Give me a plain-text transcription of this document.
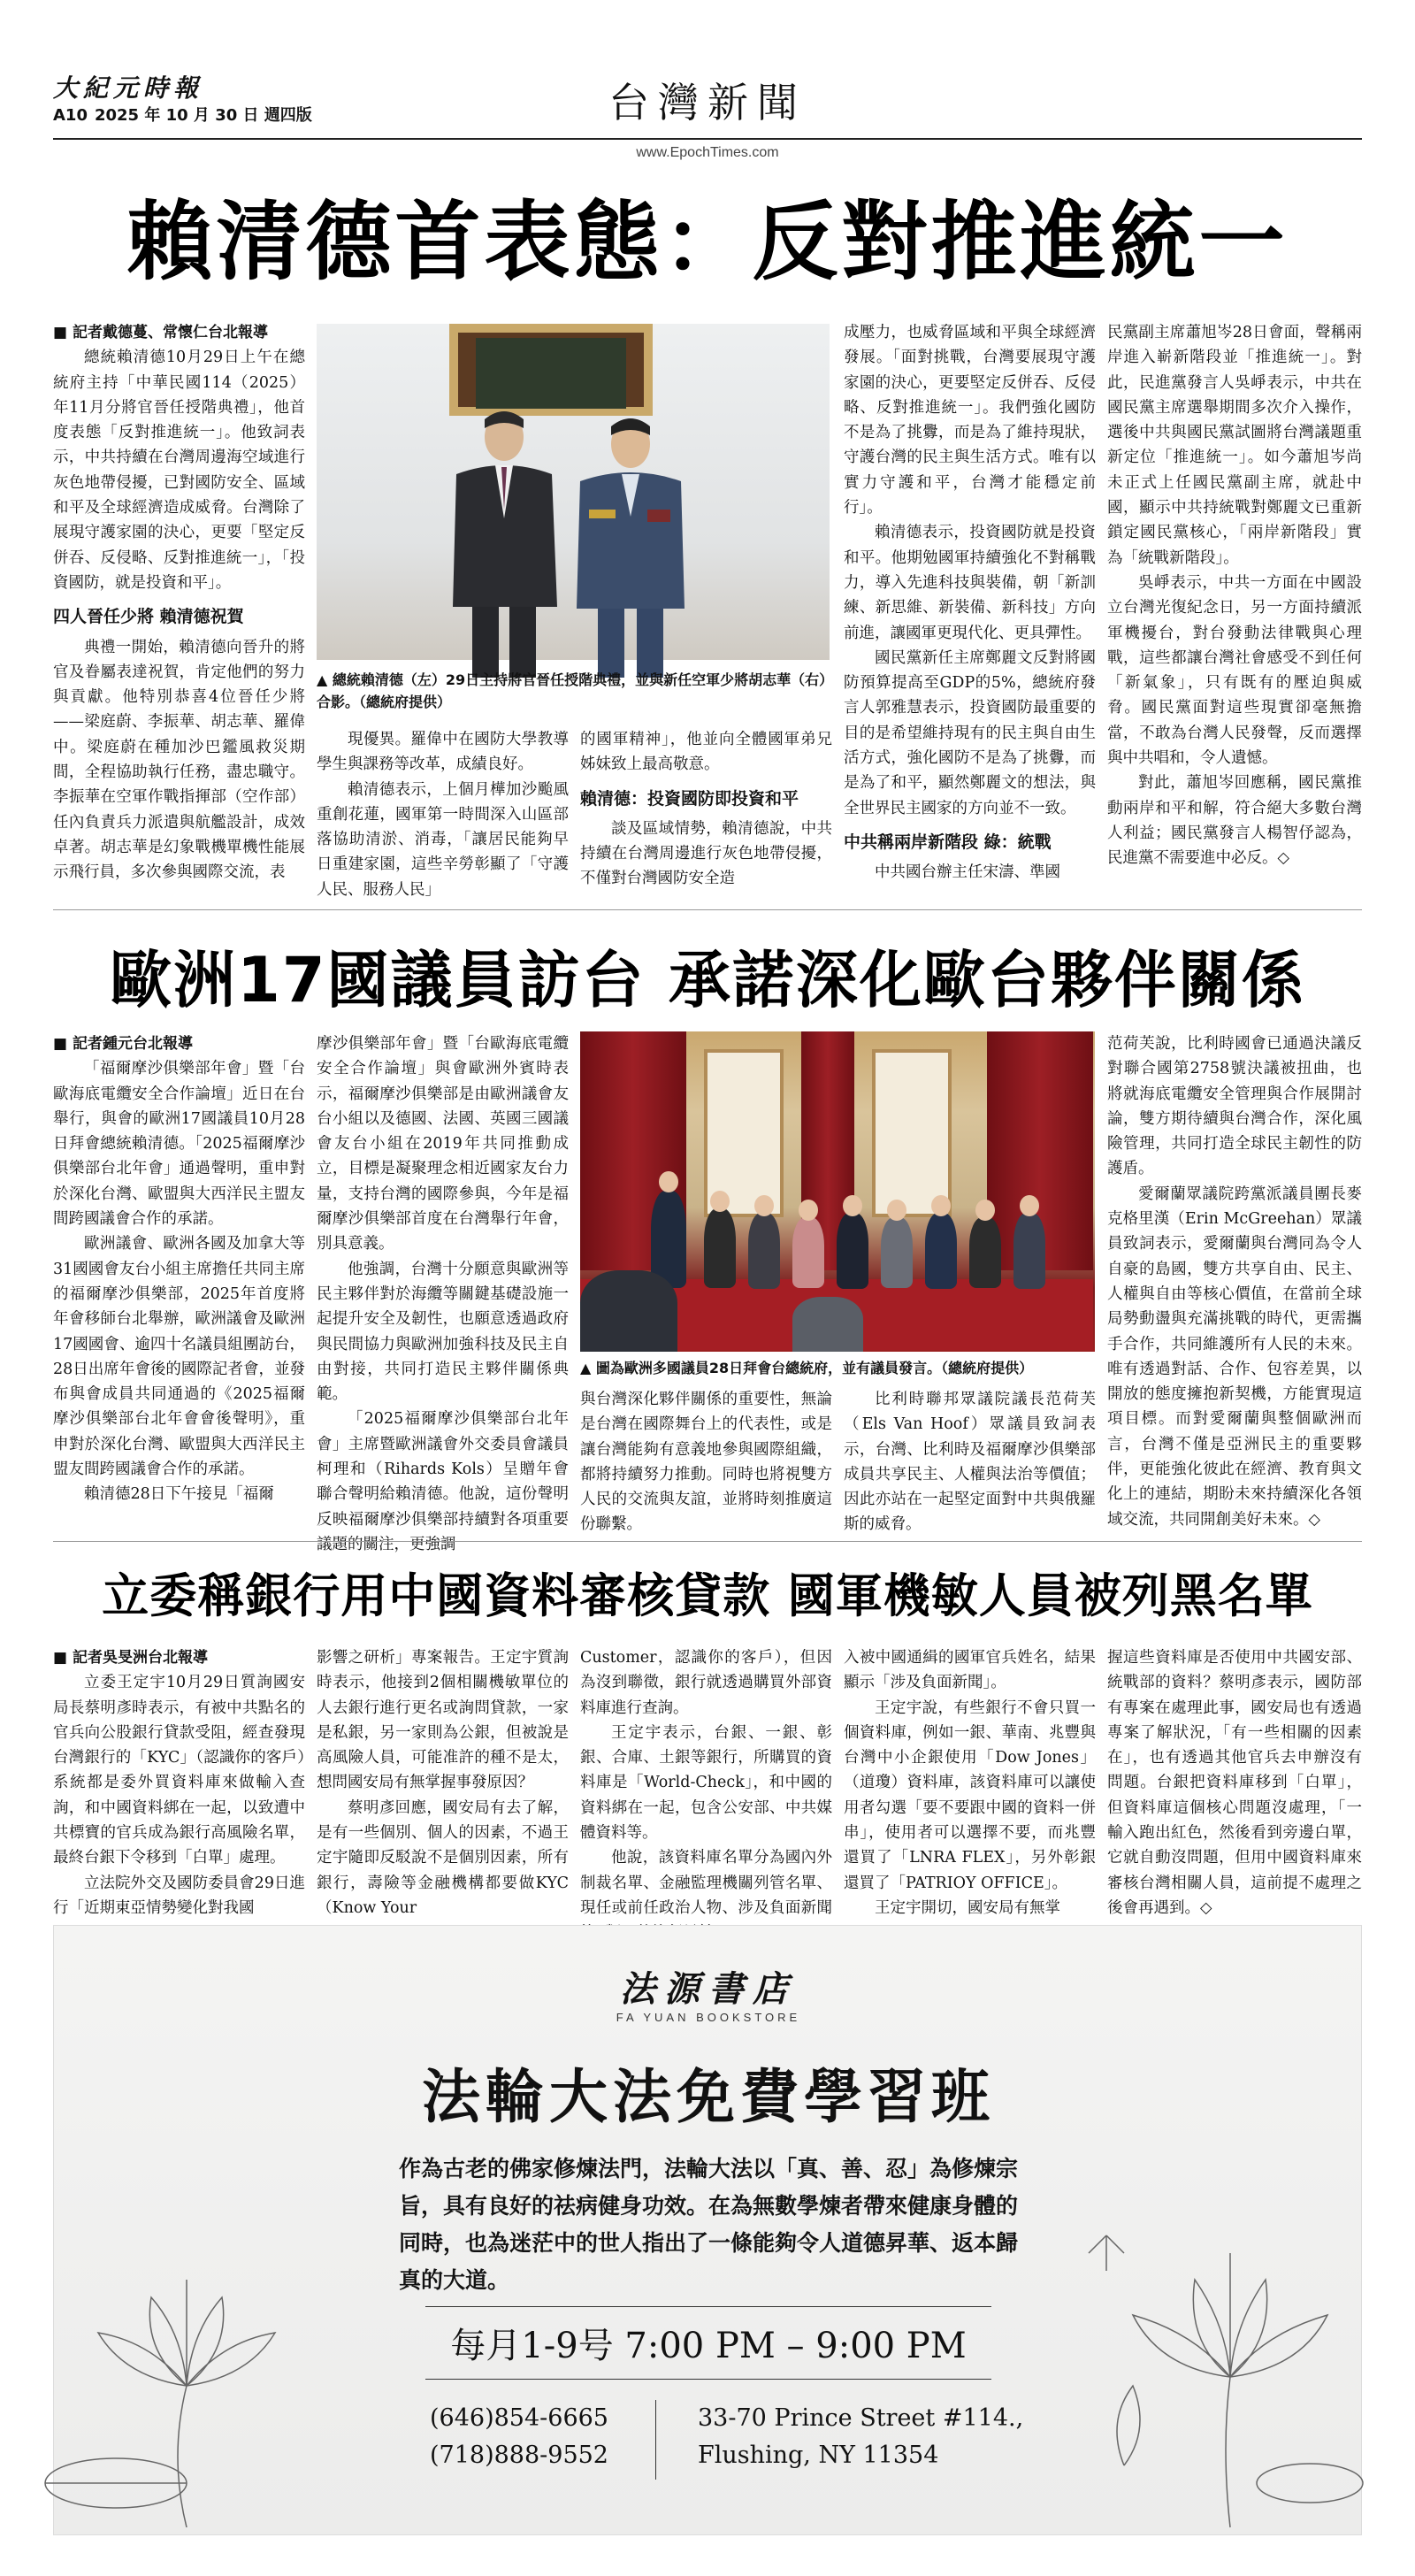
大紀元時報
A10 2025 年 10 月 30 日 週四版	台灣新聞
www.EpochTimes.com
賴清德首表態：反對推進統一

■ 記者戴德蔓、常懷仁台北報導

總統賴清德10月29日上午在總統府主持「中華民國114（2025）年11月分將官晉任授階典禮」，他首度表態「反對推進統一」。他致詞表示，中共持續在台灣周邊海空域進行灰色地帶侵擾，已對國防安全、區域和平及全球經濟造成威脅。台灣除了展現守護家園的決心，更要「堅定反併吞、反侵略、反對推進統一」，「投資國防，就是投資和平」。

四人晉任少將 賴清德祝賀

典禮一開始，賴清德向晉升的將官及眷屬表達祝賀，肯定他們的努力與貢獻。他特別恭喜4位晉任少將——梁庭蔚、李振華、胡志華、羅偉中。梁庭蔚在種加沙巴鑑風救災期間，全程協助執行任務，盡忠職守。李振華在空軍作戰指揮部（空作部）任內負責兵力派遣與航艦設計，成效卓著。胡志華是幻象戰機單機性能展示飛行員，多次參與國際交流，表

▲ 總統賴清德（左）29日主持將官晉任授階典禮，並與新任空軍少將胡志華（右）合影。（總統府提供）

現優異。羅偉中在國防大學教導學生與課務等改革，成績良好。

賴清德表示，上個月樺加沙颱風重創花蓮，國軍第一時間深入山區部落協助清淤、消毒，「讓居民能夠早日重建家園，這些辛勞彰顯了「守護人民、服務人民」

的國軍精神」，他並向全體國軍弟兄姊妹致上最高敬意。

賴清德：投資國防即投資和平

談及區域情勢，賴清德說，中共持續在台灣周邊進行灰色地帶侵擾，不僅對台灣國防安全造

成壓力，也威脅區域和平與全球經濟發展。「面對挑戰，台灣要展現守護家園的決心，更要堅定反併吞、反侵略、反對推進統一」。我們強化國防不是為了挑釁，而是為了維持現狀，守護台灣的民主與生活方式。唯有以實力守護和平，台灣才能穩定前行」。

賴清德表示，投資國防就是投資和平。他期勉國軍持續強化不對稱戰力，導入先進科技與裝備，朝「新訓練、新思維、新裝備、新科技」方向前進，讓國軍更現代化、更具彈性。

國民黨新任主席鄭麗文反對將國防預算提高至GDP的5%，總統府發言人郭雅慧表示，投資國防最重要的目的是希望維持現有的民主與自由生活方式，強化國防不是為了挑釁，而是為了和平，顯然鄭麗文的想法，與全世界民主國家的方向並不一致。

中共稱兩岸新階段 綠：統戰

中共國台辦主任宋濤、準國

民黨副主席蕭旭岑28日會面，聲稱兩岸進入嶄新階段並「推進統一」。對此，民進黨發言人吳崢表示，中共在國民黨主席選舉期間多次介入操作，選後中共與國民黨試圖將台灣議題重新定位「推進統一」。如今蕭旭岑尚未正式上任國民黨副主席，就赴中國，顯示中共持統戰對鄭麗文已重新鎖定國民黨核心，「兩岸新階段」實為「統戰新階段」。

吳崢表示，中共一方面在中國設立台灣光復紀念日，另一方面持續派軍機擾台，對台發動法律戰與心理戰，這些都讓台灣社會感受不到任何「新氣象」，只有既有的壓迫與威脅。國民黨面對這些現實卻毫無擔當，不敢為台灣人民發聲，反而選擇與中共唱和，令人遺憾。

對此，蕭旭岑回應稱，國民黨推動兩岸和平和解，符合絕大多數台灣人利益；國民黨發言人楊智伃認為，民進黨不需要進中必反。◇

歐洲17國議員訪台 承諾深化歐台夥伴關係

■ 記者鍾元台北報導

「福爾摩沙俱樂部年會」暨「台歐海底電纜安全合作論壇」近日在台舉行，與會的歐洲17國議員10月28日拜會總統賴清德。「2025福爾摩沙俱樂部台北年會」通過聲明，重申對於深化台灣、歐盟與大西洋民主盟友間跨國議會合作的承諾。

歐洲議會、歐洲各國及加拿大等31國國會友台小組主席擔任共同主席的福爾摩沙俱樂部，2025年首度將年會移師台北舉辦，歐洲議會及歐洲17國國會、逾四十名議員組團訪台，28日出席年會後的國際記者會，並發布與會成員共同通過的《2025福爾摩沙俱樂部台北年會會後聲明》，重申對於深化台灣、歐盟與大西洋民主盟友間跨國議會合作的承諾。

賴清德28日下午接見「福爾

摩沙俱樂部年會」暨「台歐海底電纜安全合作論壇」與會歐洲外賓時表示，福爾摩沙俱樂部是由歐洲議會友台小組以及德國、法國、英國三國議會友台小組在2019年共同推動成立，目標是凝聚理念相近國家友台力量，支持台灣的國際參與，今年是福爾摩沙俱樂部首度在台灣舉行年會，別具意義。

他強調，台灣十分願意與歐洲等民主夥伴對於海纜等關鍵基礎設施一起提升安全及韌性，也願意透過政府與民間協力與歐洲加強科技及民主自由對接，共同打造民主夥伴關係典範。

「2025福爾摩沙俱樂部台北年會」主席暨歐洲議會外交委員會議員柯理和（Rihards Kols）呈贈年會聯合聲明給賴清德。他說，這份聲明反映福爾摩沙俱樂部持續對各項重要議題的關注，更強調

▲ 圖為歐洲多國議員28日拜會台總統府，並有議員發言。（總統府提供）

與台灣深化夥伴關係的重要性，無論是台灣在國際舞台上的代表性，或是讓台灣能夠有意義地參與國際組織，都將持續努力推動。同時也將視雙方人民的交流與友誼，並將時刻推廣這份聯繫。

比利時聯邦眾議院議長范荷芙（Els Van Hoof）眾議員致詞表示，台灣、比利時及福爾摩沙俱樂部成員共享民主、人權與法治等價值；因此亦站在一起堅定面對中共與俄羅斯的威脅。

范荷芙說，比利時國會已通過決議反對聯合國第2758號決議被扭曲，也將就海底電纜安全管理與合作展開討論，雙方期待續與台灣合作，深化風險管理，共同打造全球民主韌性的防護盾。

愛爾蘭眾議院跨黨派議員團長麥克格里漢（Erin McGreehan）眾議員致詞表示，愛爾蘭與台灣同為令人自豪的島國，雙方共享自由、民主、人權與自由等核心價值，在當前全球局勢動盪與充滿挑戰的時代，更需攜手合作，共同維護所有人民的未來。唯有透過對話、合作、包容差異，以開放的態度擁抱新契機，方能實現這項目標。而對愛爾蘭與整個歐洲而言，台灣不僅是亞洲民主的重要夥伴，更能強化彼此在經濟、教育與文化上的連結，期盼未來持續深化各領域交流，共同開創美好未來。◇

立委稱銀行用中國資料審核貸款 國軍機敏人員被列黑名單

■ 記者吳旻洲台北報導

立委王定宇10月29日質詢國安局長蔡明彥時表示，有被中共點名的官兵向公股銀行貸款受阻，經查發現台灣銀行的「KYC」（認識你的客戶）系統都是委外買資料庫來做輸入查詢，和中國資料綁在一起，以致遭中共標寶的官兵成為銀行高風險名單，最終台銀下令移到「白單」處理。

立法院外交及國防委員會29日進行「近期東亞情勢變化對我國

影響之研析」專案報告。王定宇質詢時表示，他接到2個相關機敏單位的人去銀行進行更名或詢問貸款，一家是私銀，另一家則為公銀，但被說是高風險人員，可能准許的種不是太，想問國安局有無掌握事發原因？

蔡明彥回應，國安局有去了解，是有一些個別、個人的因素，不過王定宇隨即反駁說不是個別因素，所有銀行，壽險等金融機構都要做KYC（Know Your

Customer，認識你的客戶），但因為沒到聯徵，銀行就透過購買外部資料庫進行查詢。

王定宇表示，台銀、一銀、彰銀、合庫、土銀等銀行，所購買的資料庫是「World-Check」，和中國的資料綁在一起，包含公安部、中共媒體資料等。

他說，該資料庫名單分為國內外制裁名單、金融監理機關列管名單、現任或前任政治人物、涉及負面新聞

入被中國通緝的國軍官兵姓名，結果顯示「涉及負面新聞」。

王定宇說，有些銀行不會只買一個資料庫，例如一銀、華南、兆豐與台灣中小企銀使用「Dow Jones」（道瓊）資料庫，該資料庫可以讓使用者勾選「要不要跟中國的資料一併串」，使用者可以選擇不要，而兆豐還買了「LNRA FLEX」，另外彰銀還買了「PATRIOY OFFICE」。

王定宇開切，國安局有無掌

握這些資料庫是否使用中共國安部、統戰部的資料？蔡明彥表示，國防部有專案在處理此事，國安局也有透過專案了解狀況，「有一些相關的因素在」，也有透過其他官兵去申辦沒有問題。台銀把資料庫移到「白單」，但資料庫這個核心問題沒處理，「一輸入跑出紅色，然後看到旁邊白單，它就自動沒問題，但用中國資料庫來審核台灣相關人員，這前提不處理之後會再遇到。◇

法源書店
FA YUAN BOOKSTORE
法輪大法免費學習班
作為古老的佛家修煉法門，法輪大法以「真、善、忍」為修煉宗旨，具有良好的祛病健身功效。在為無數學煉者帶來健康身體的同時，也為迷茫中的世人指出了一條能夠令人道德昇華、返本歸真的大道。
每月1-9号 7:00 PM – 9:00 PM
(646)854-6665
(718)888-9552
33-70 Prince Street #114.,
Flushing, NY 11354
